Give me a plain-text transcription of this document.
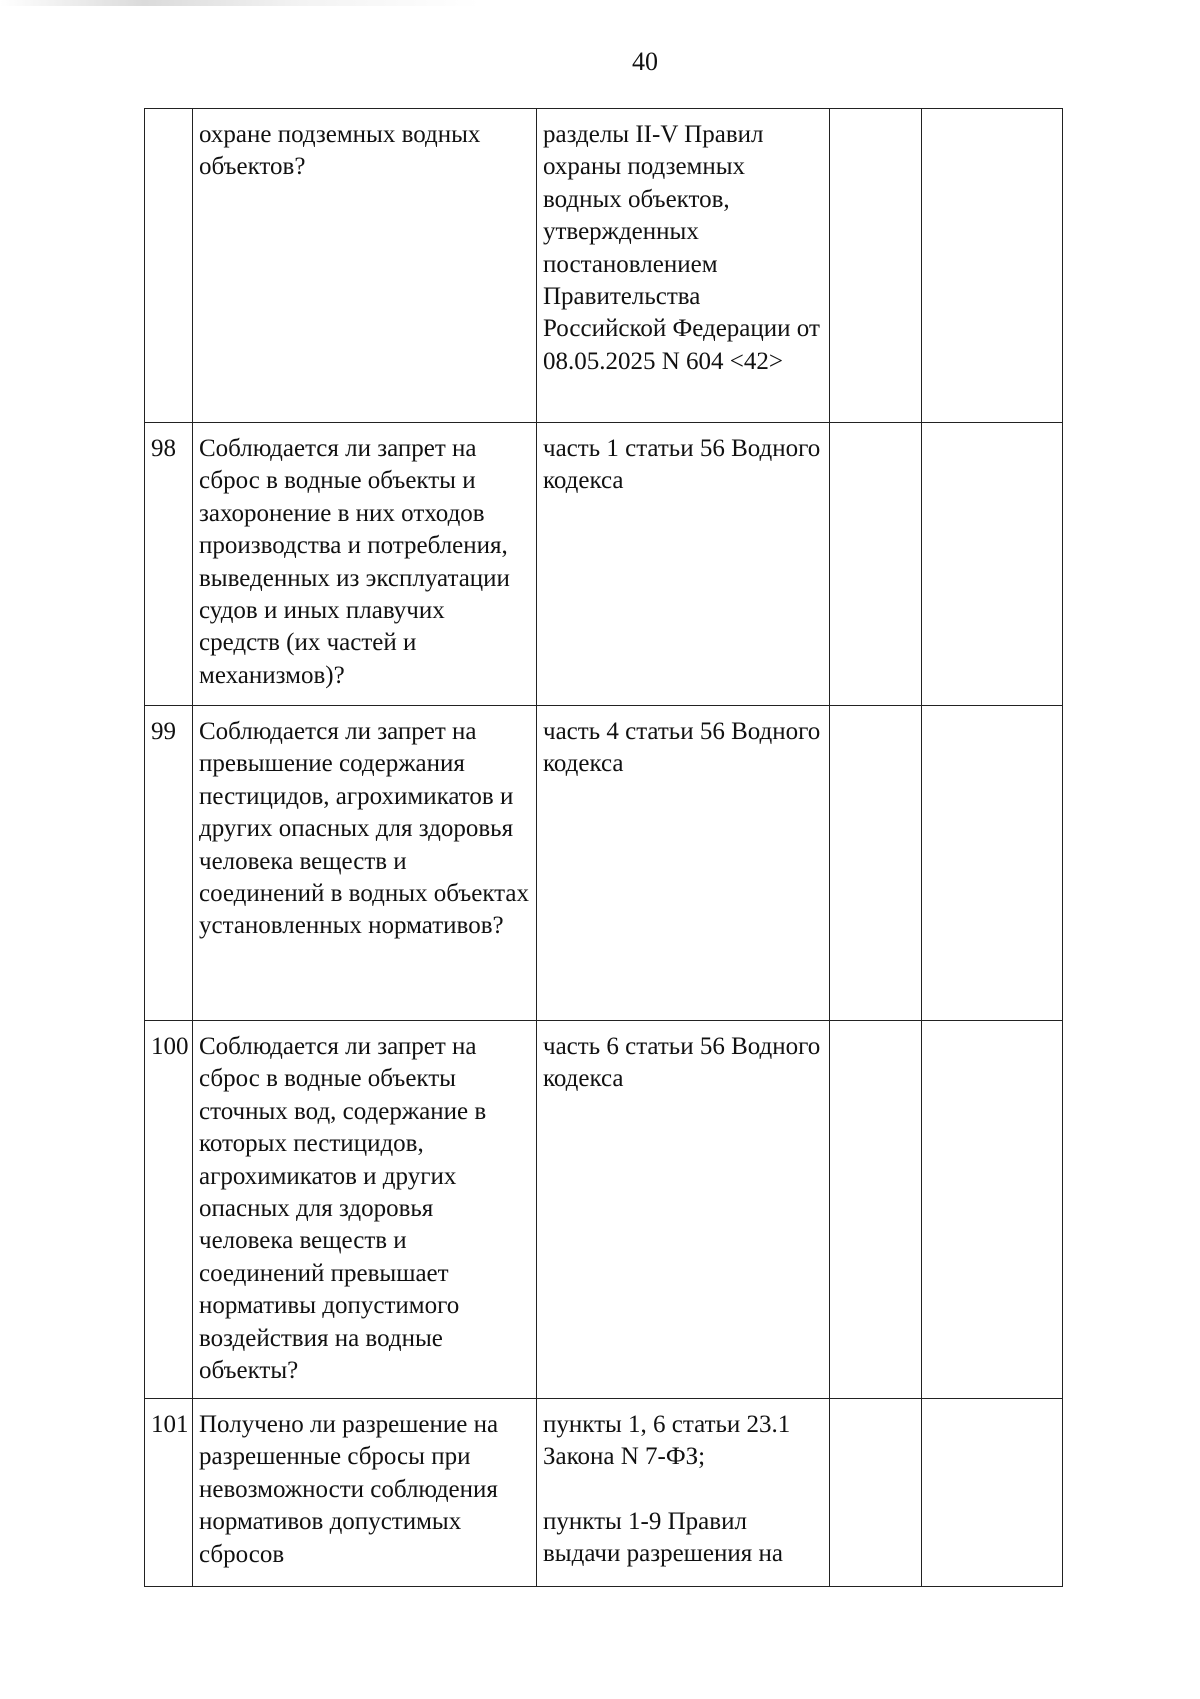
40
	охране подземных водных объектов?	разделы II-V Правил охраны подземных водных объектов, утвержденных постановлением Правительства Российской Федерации от 08.05.2025 N 604 <42>		

98	Соблюдается ли запрет на сброс в водные объекты и захоронение в них отходов производства и потребления, выведенных из эксплуатации судов и иных плавучих средств (их частей и механизмов)?	часть 1 статьи 56 Водного кодекса		

99	Соблюдается ли запрет на превышение содержания пестицидов, агрохимикатов и других опасных для здоровья человека веществ и соединений в водных объектах установленных нормативов?	часть 4 статьи 56 Водного кодекса		

100	Соблюдается ли запрет на сброс в водные объекты сточных вод, содержание в которых пестицидов, агрохимикатов и других опасных для здоровья человека веществ и соединений превышает нормативы допустимого воздействия на водные объекты?	часть 6 статьи 56 Водного кодекса		

101	Получено ли разрешение на разрешенные сбросы при невозможности соблюдения нормативов допустимых сбросов	пункты 1, 6 статьи 23.1 Закона N 7-ФЗ;
пункты 1-9 Правил выдачи разрешения на		
